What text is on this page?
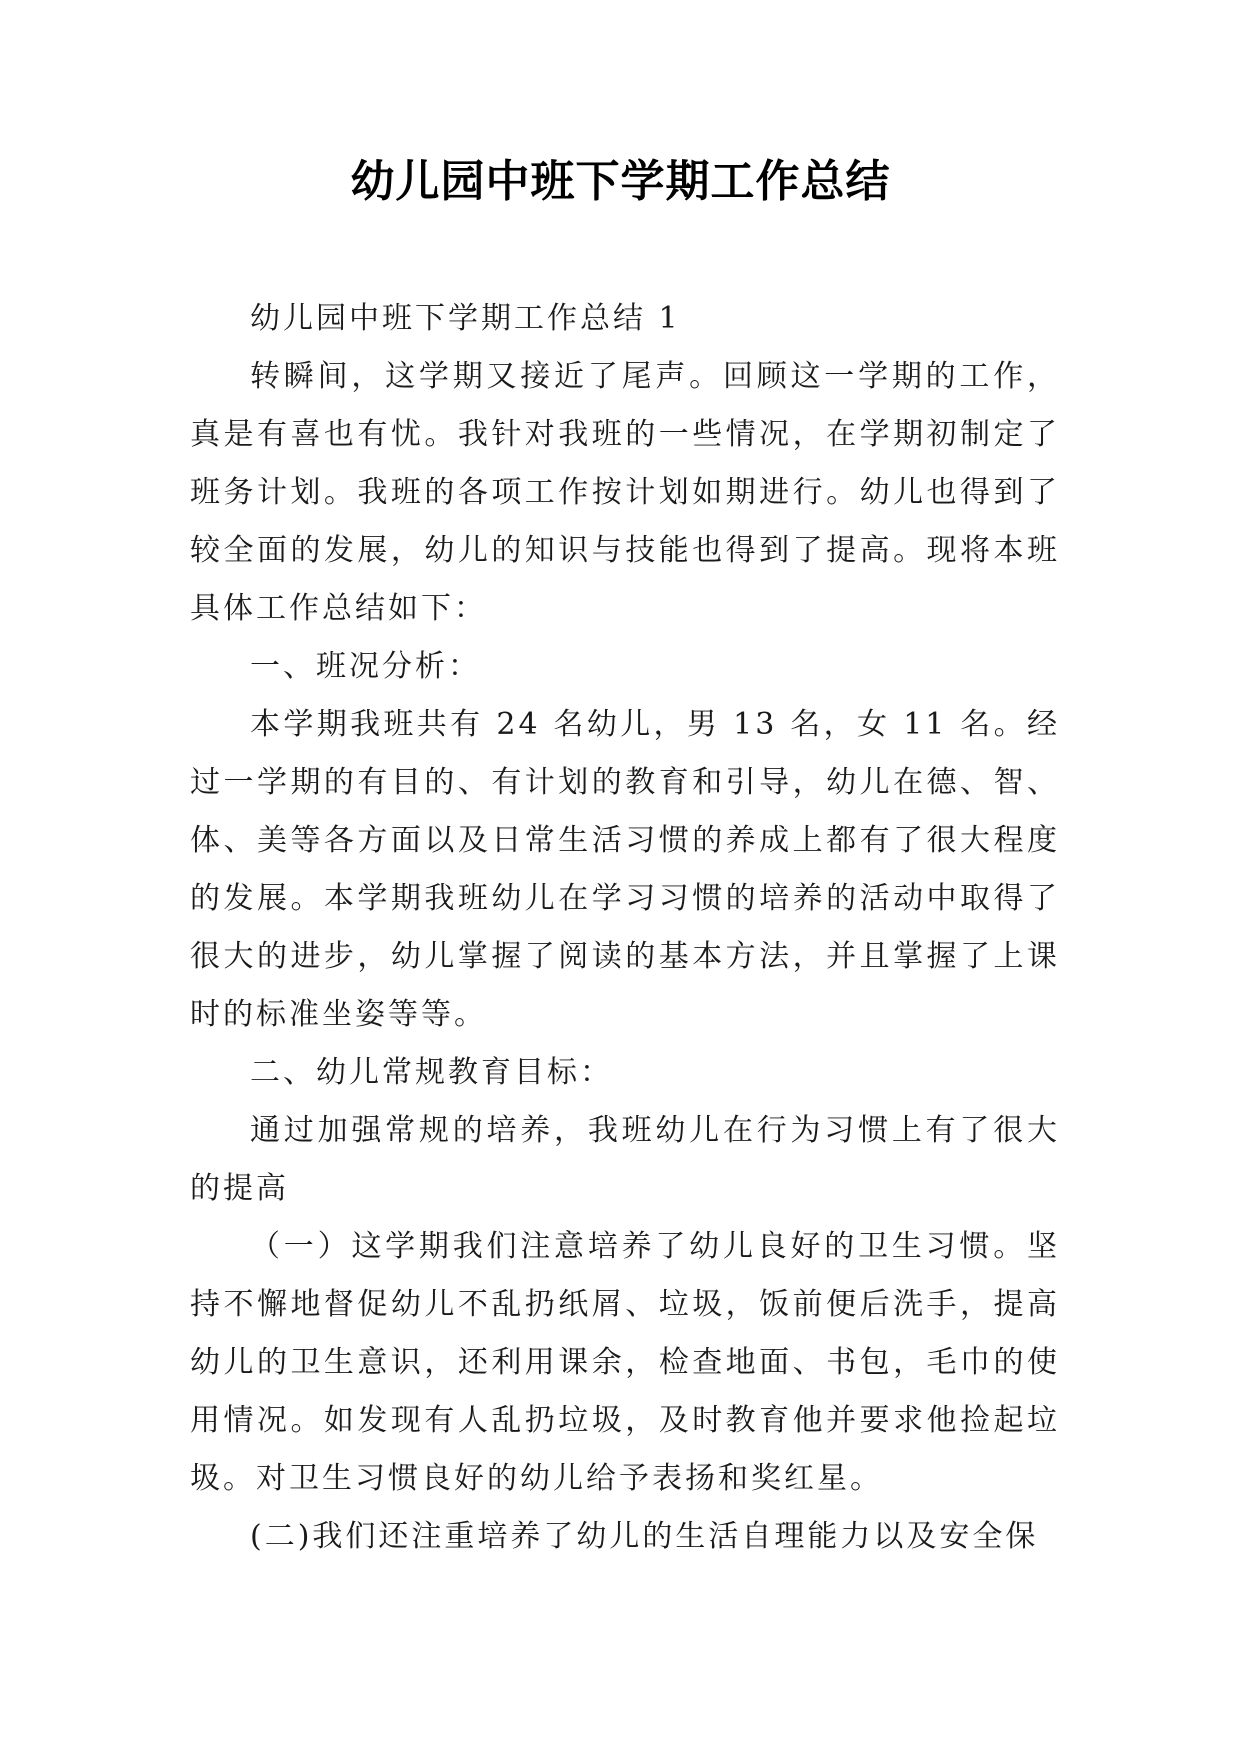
幼儿园中班下学期工作总结

幼儿园中班下学期工作总结 1

转瞬间，这学期又接近了尾声。回顾这一学期的工作，真是有喜也有忧。我针对我班的一些情况，在学期初制定了班务计划。我班的各项工作按计划如期进行。幼儿也得到了较全面的发展，幼儿的知识与技能也得到了提高。现将本班具体工作总结如下：

一、班况分析：

本学期我班共有 24 名幼儿，男 13 名，女 11 名。经过一学期的有目的、有计划的教育和引导，幼儿在德、智、体、美等各方面以及日常生活习惯的养成上都有了很大程度的发展。本学期我班幼儿在学习习惯的培养的活动中取得了很大的进步，幼儿掌握了阅读的基本方法，并且掌握了上课时的标准坐姿等等。

二、幼儿常规教育目标：

通过加强常规的培养，我班幼儿在行为习惯上有了很大的提高

（一）这学期我们注意培养了幼儿良好的卫生习惯。坚持不懈地督促幼儿不乱扔纸屑、垃圾，饭前便后洗手，提高幼儿的卫生意识，还利用课余，检查地面、书包，毛巾的使用情况。如发现有人乱扔垃圾，及时教育他并要求他捡起垃圾。对卫生习惯良好的幼儿给予表扬和奖红星。

(二)我们还注重培养了幼儿的生活自理能力以及安全保
